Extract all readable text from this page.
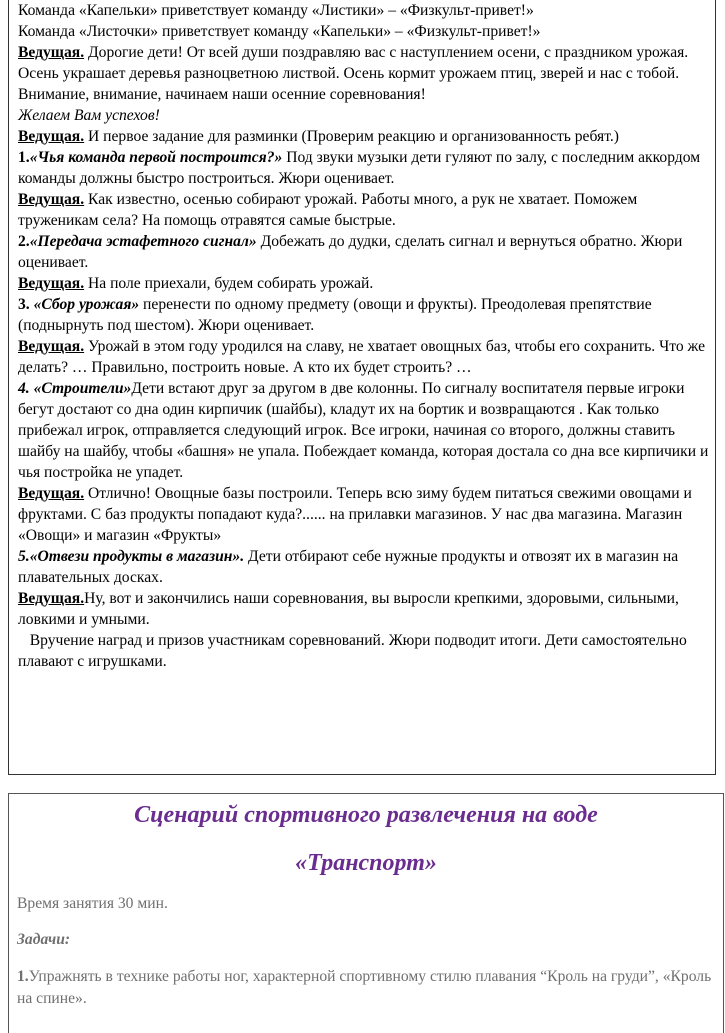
Команда «Капельки» приветствует команду «Листики» – «Физкульт-привет!»

Команда «Листочки» приветствует команду «Капельки» – «Физкульт-привет!»

Ведущая. Дорогие дети! От всей души поздравляю вас с наступлением осени, с праздником урожая. Осень украшает деревья разноцветною листвой. Осень кормит урожаем птиц, зверей и нас с тобой.

Внимание, внимание, начинаем наши осенние соревнования!

Желаем Вам успехов!

Ведущая. И первое задание для разминки (Проверим реакцию и организованность ребят.)

1.«Чья команда первой построится?» Под звуки музыки дети гуляют по залу, с последним аккордом команды должны быстро построиться. Жюри оценивает.

Ведущая. Как известно, осенью собирают урожай. Работы много, а рук не хватает. Поможем труженикам села? На помощь отравятся самые быстрые.

2.«Передача эстафетного сигнал» Добежать до дудки, сделать сигнал и вернуться обратно. Жюри оценивает.

Ведущая. На поле приехали, будем собирать урожай.

3. «Сбор урожая» перенести по одному предмету (овощи и фрукты). Преодолевая препятствие (поднырнуть под шестом). Жюри оценивает.

Ведущая. Урожай в этом году уродился на славу, не хватает овощных баз, чтобы его сохранить. Что же делать? … Правильно, построить новые. А кто их будет строить? …

4. «Строители»Дети встают друг за другом в две колонны. По сигналу воспитателя первые игроки бегут достают со дна один кирпичик (шайбы), кладут их на бортик и возвращаются . Как только прибежал игрок, отправляется следующий игрок. Все игроки, начиная со второго, должны ставить шайбу на шайбу, чтобы «башня» не упала. Побеждает команда, которая достала со дна все кирпичики и чья постройка не упадет.

Ведущая. Отлично! Овощные базы построили. Теперь всю зиму будем питаться свежими овощами и фруктами. С баз продукты попадают куда?...... на прилавки магазинов. У нас два магазина. Магазин «Овощи» и магазин «Фрукты»

5.«Отвези продукты в магазин». Дети отбирают себе нужные продукты и отвозят их в магазин на плавательных досках.

Ведущая.Ну, вот и закончились наши соревнования, вы выросли крепкими, здоровыми, сильными, ловкими и умными.

Вручение наград и призов участникам соревнований. Жюри подводит итоги. Дети самостоятельно плавают с игрушками.

Сценарий спортивного развлечения на воде
«Транспорт»
Время занятия 30 мин.
Задачи:
1.Упражнять в технике работы ног, характерной спортивному стилю плавания “Кроль на груди”, «Кроль на спине».
